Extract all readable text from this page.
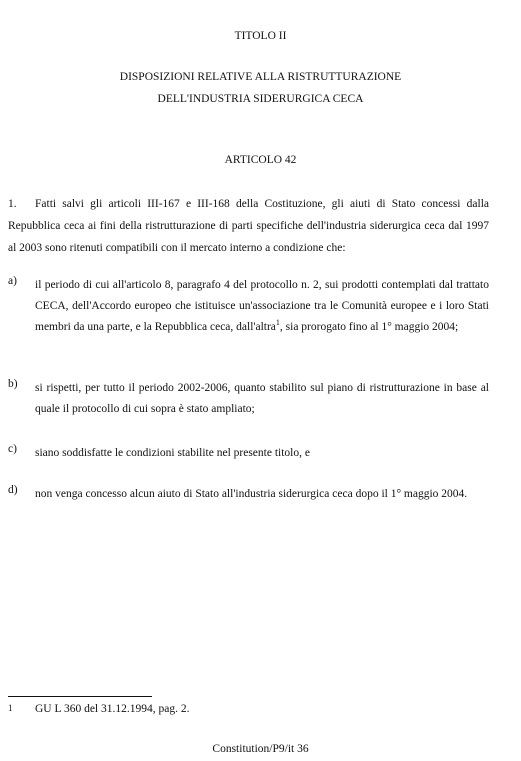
TITOLO II
DISPOSIZIONI RELATIVE ALLA RISTRUTTURAZIONE
DELL'INDUSTRIA SIDERURGICA CECA
ARTICOLO 42
1. Fatti salvi gli articoli III-167 e III-168 della Costituzione, gli aiuti di Stato concessi dalla Repubblica ceca ai fini della ristrutturazione di parti specifiche dell'industria siderurgica ceca dal 1997 al 2003 sono ritenuti compatibili con il mercato interno a condizione che:
a) il periodo di cui all'articolo 8, paragrafo 4 del protocollo n. 2, sui prodotti contemplati dal trattato CECA, dell'Accordo europeo che istituisce un'associazione tra le Comunità europee e i loro Stati membri da una parte, e la Repubblica ceca, dall'altra$^1$, sia prorogato fino al 1° maggio 2004;
b) si rispetti, per tutto il periodo 2002-2006, quanto stabilito sul piano di ristrutturazione in base al quale il protocollo di cui sopra è stato ampliato;
c) siano soddisfatte le condizioni stabilite nel presente titolo, e
d) non venga concesso alcun aiuto di Stato all'industria siderurgica ceca dopo il 1° maggio 2004.
1 GU L 360 del 31.12.1994, pag. 2.
Constitution/P9/it 36
